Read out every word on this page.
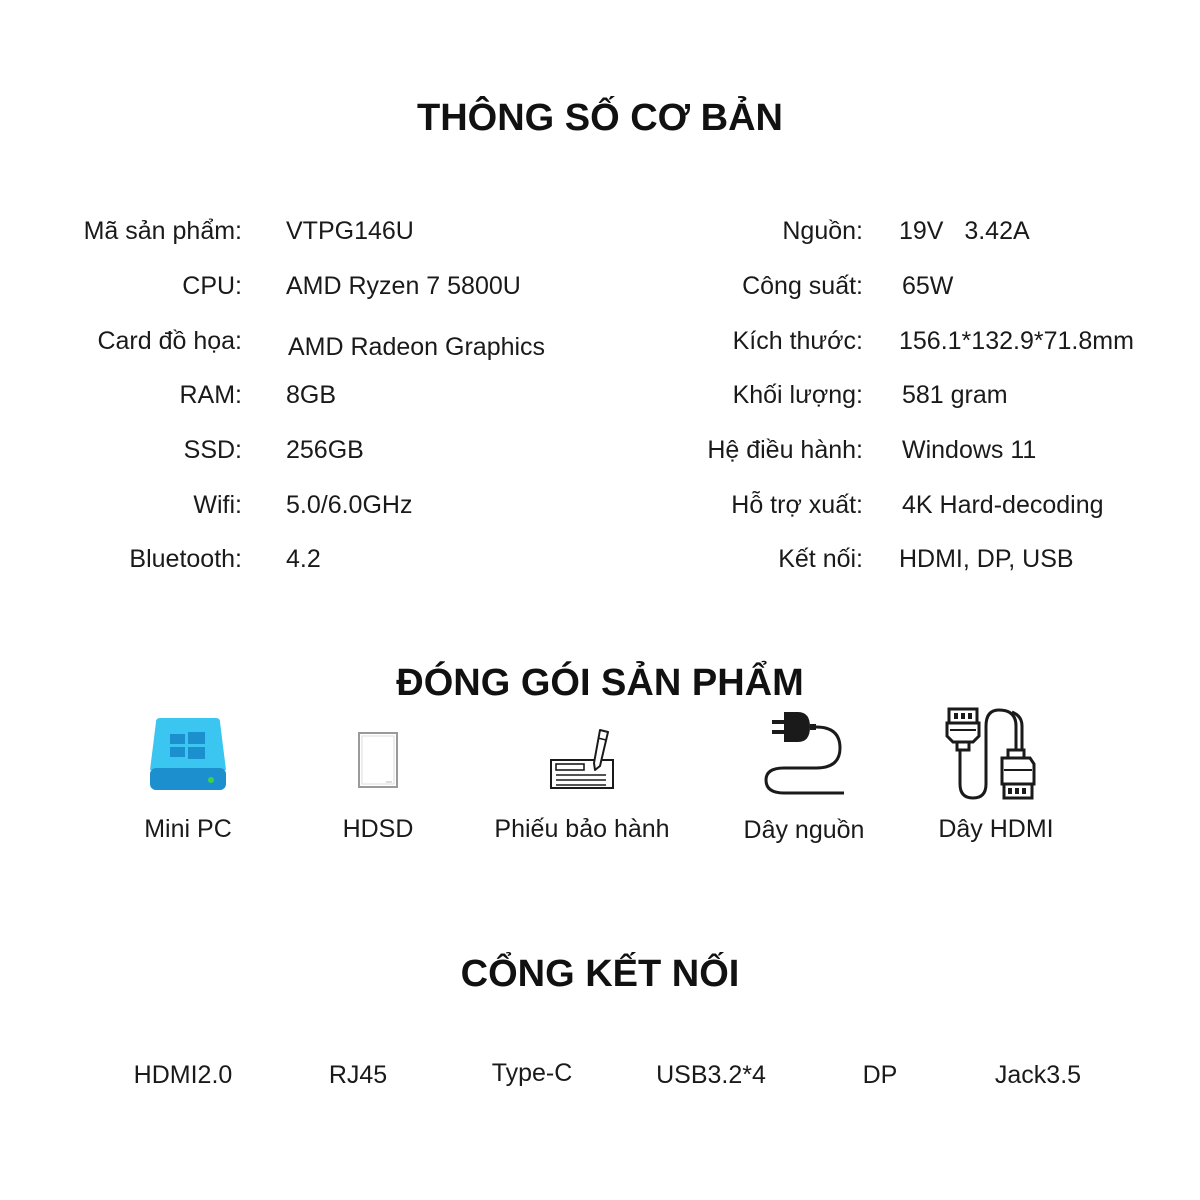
THÔNG SỐ CƠ BẢN
Mã sản phẩm: VTPG146U
CPU: AMD Ryzen 7 5800U
Card đồ họa: AMD Radeon Graphics
RAM: 8GB
SSD: 256GB
Wifi: 5.0/6.0GHz
Bluetooth: 4.2
Nguồn: 19V   3.42A
Công suất: 65W
Kích thước: 156.1*132.9*71.8mm
Khối lượng: 581 gram
Hệ điều hành: Windows 11
Hỗ trợ xuất: 4K Hard-decoding
Kết nối: HDMI, DP, USB
ĐÓNG GÓI SẢN PHẨM
Mini PC	HDSD	Phiếu bảo hành	Dây nguồn	Dây HDMI
CỔNG KẾT NỐI
HDMI2.0	RJ45	Type-C	USB3.2*4	DP	Jack3.5
